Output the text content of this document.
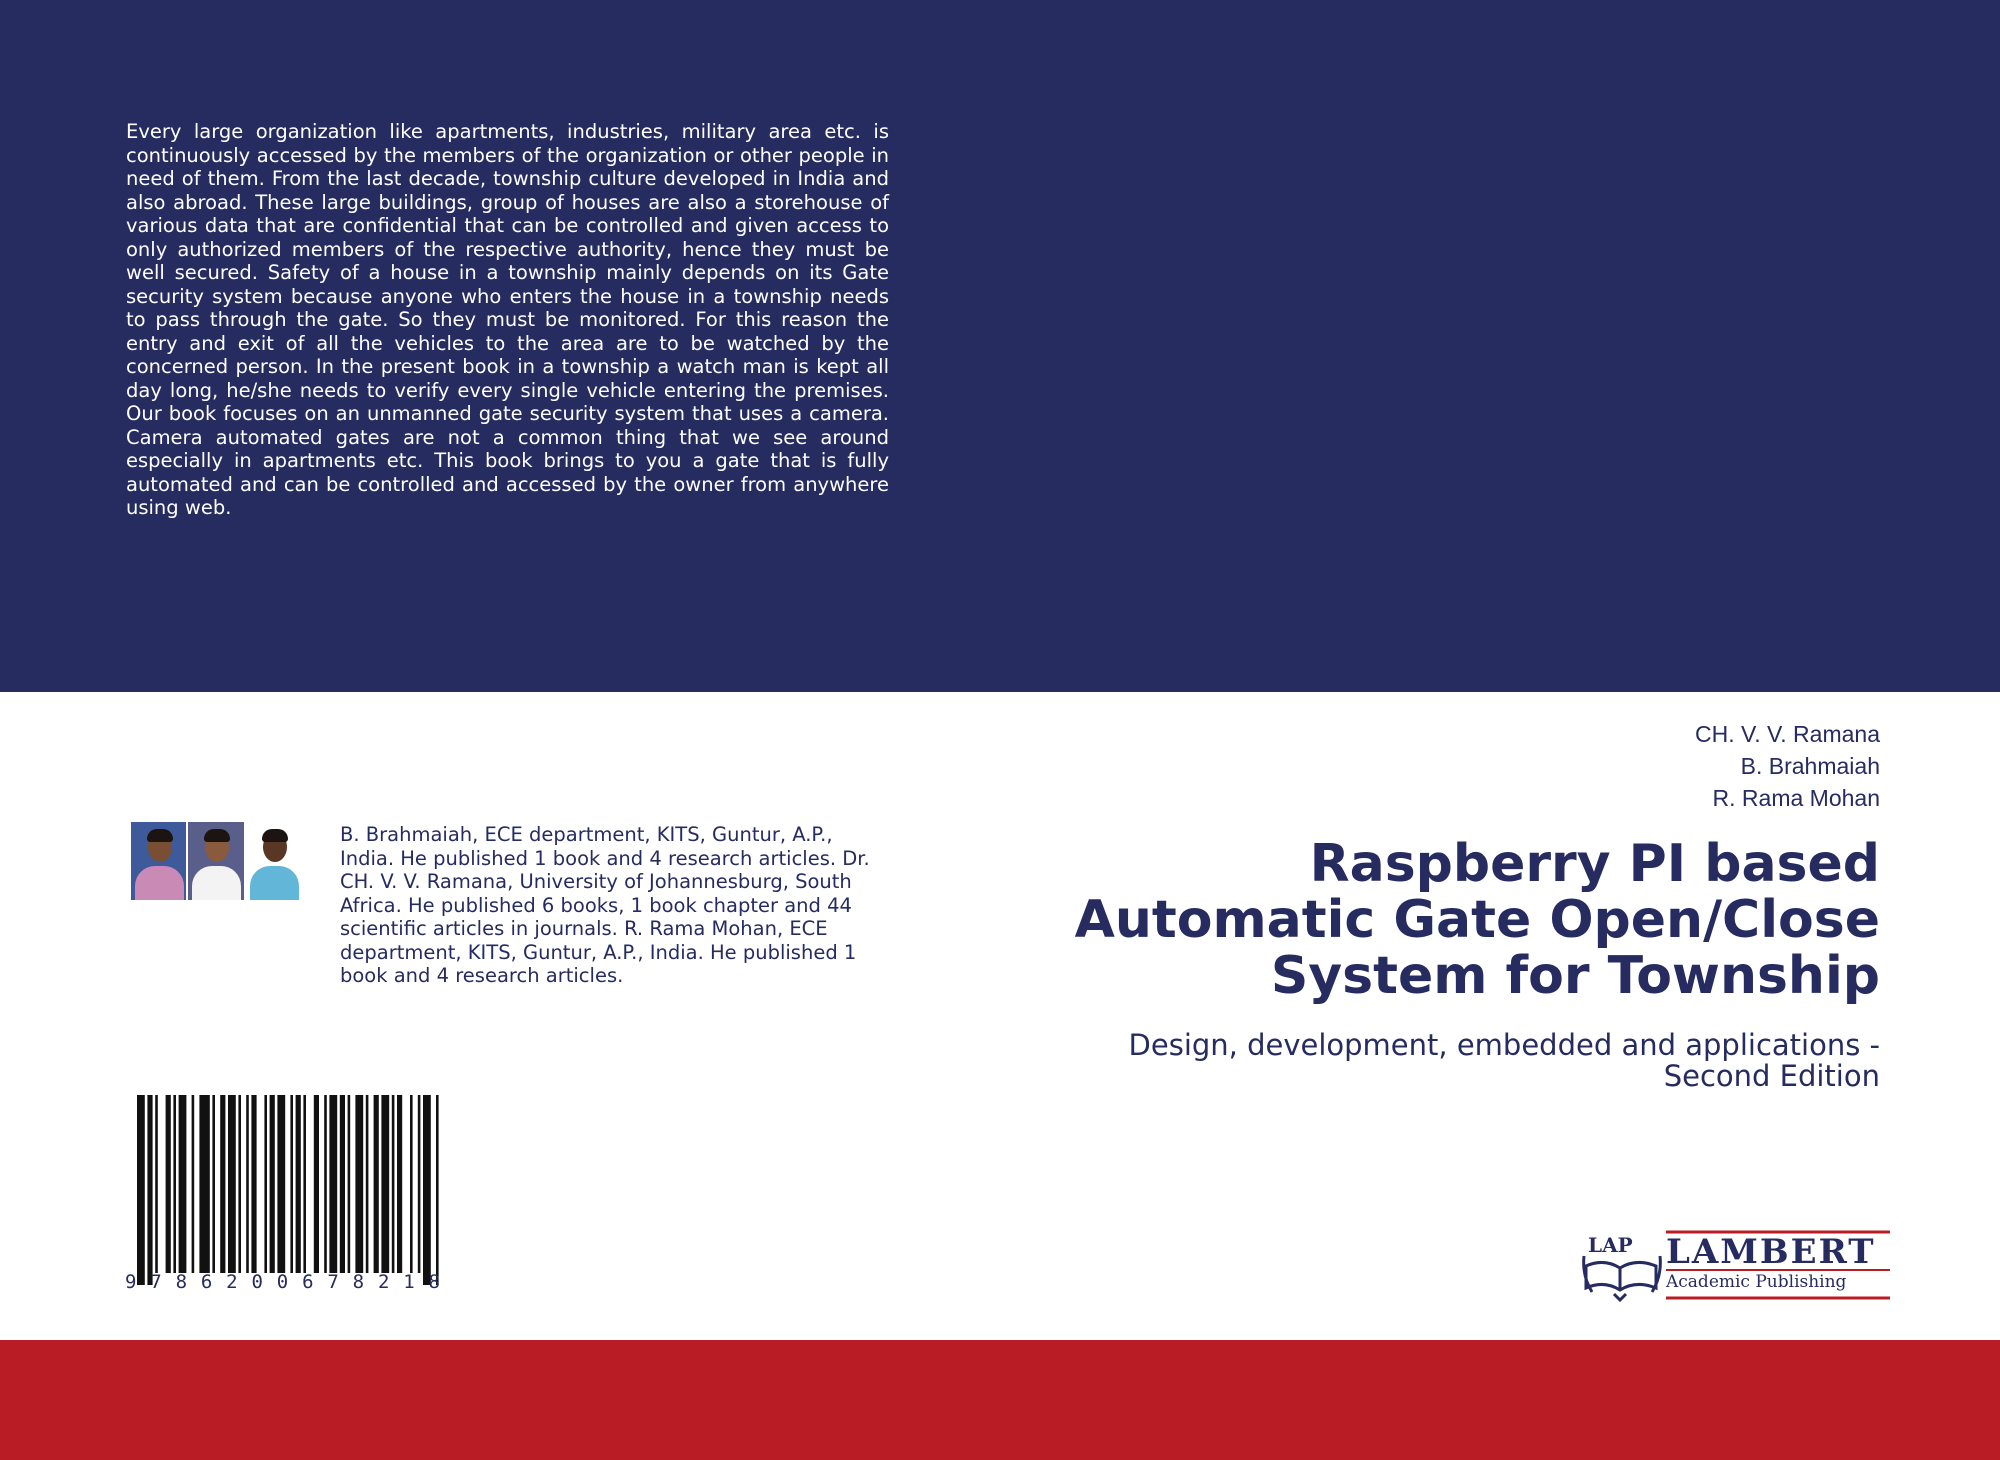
Every large organization like apartments, industries, military area etc. is continuously accessed by the members of the organization or other people in need of them. From the last decade, township culture developed in India and also abroad. These large buildings, group of houses are also a storehouse of various data that are confidential that can be controlled and given access to only authorized members of the respective authority, hence they must be well secured. Safety of a house in a township mainly depends on its Gate security system because anyone who enters the house in a township needs to pass through the gate. So they must be monitored. For this reason the entry and exit of all the vehicles to the area are to be watched by the concerned person. In the present book in a township a watch man is kept all day long, he/she needs to verify every single vehicle entering the premises. Our book focuses on an unmanned gate security system that uses a camera. Camera automated gates are not a common thing that we see around especially in apartments etc. This book brings to you a gate that is fully automated and can be controlled and accessed by the owner from anywhere using web.

B. Brahmaiah, ECE department, KITS, Guntur, A.P., India. He published 1 book and 4 research articles. Dr. CH. V. V. Ramana, University of Johannesburg, South Africa. He published 6 books, 1 book chapter and 44 scientific articles in journals. R. Rama Mohan, ECE department, KITS, Guntur, A.P., India. He published 1 book and 4 research articles.

9 7 8 6 2 0 0 6 7 8 2 1 8
CH. V. V. Ramana
B. Brahmaiah
R. Rama Mohan
Raspberry PI based
Automatic Gate Open/Close
System for Township
Design, development, embedded and applications -
Second Edition
LAP LAMBERT
Academic Publishing
